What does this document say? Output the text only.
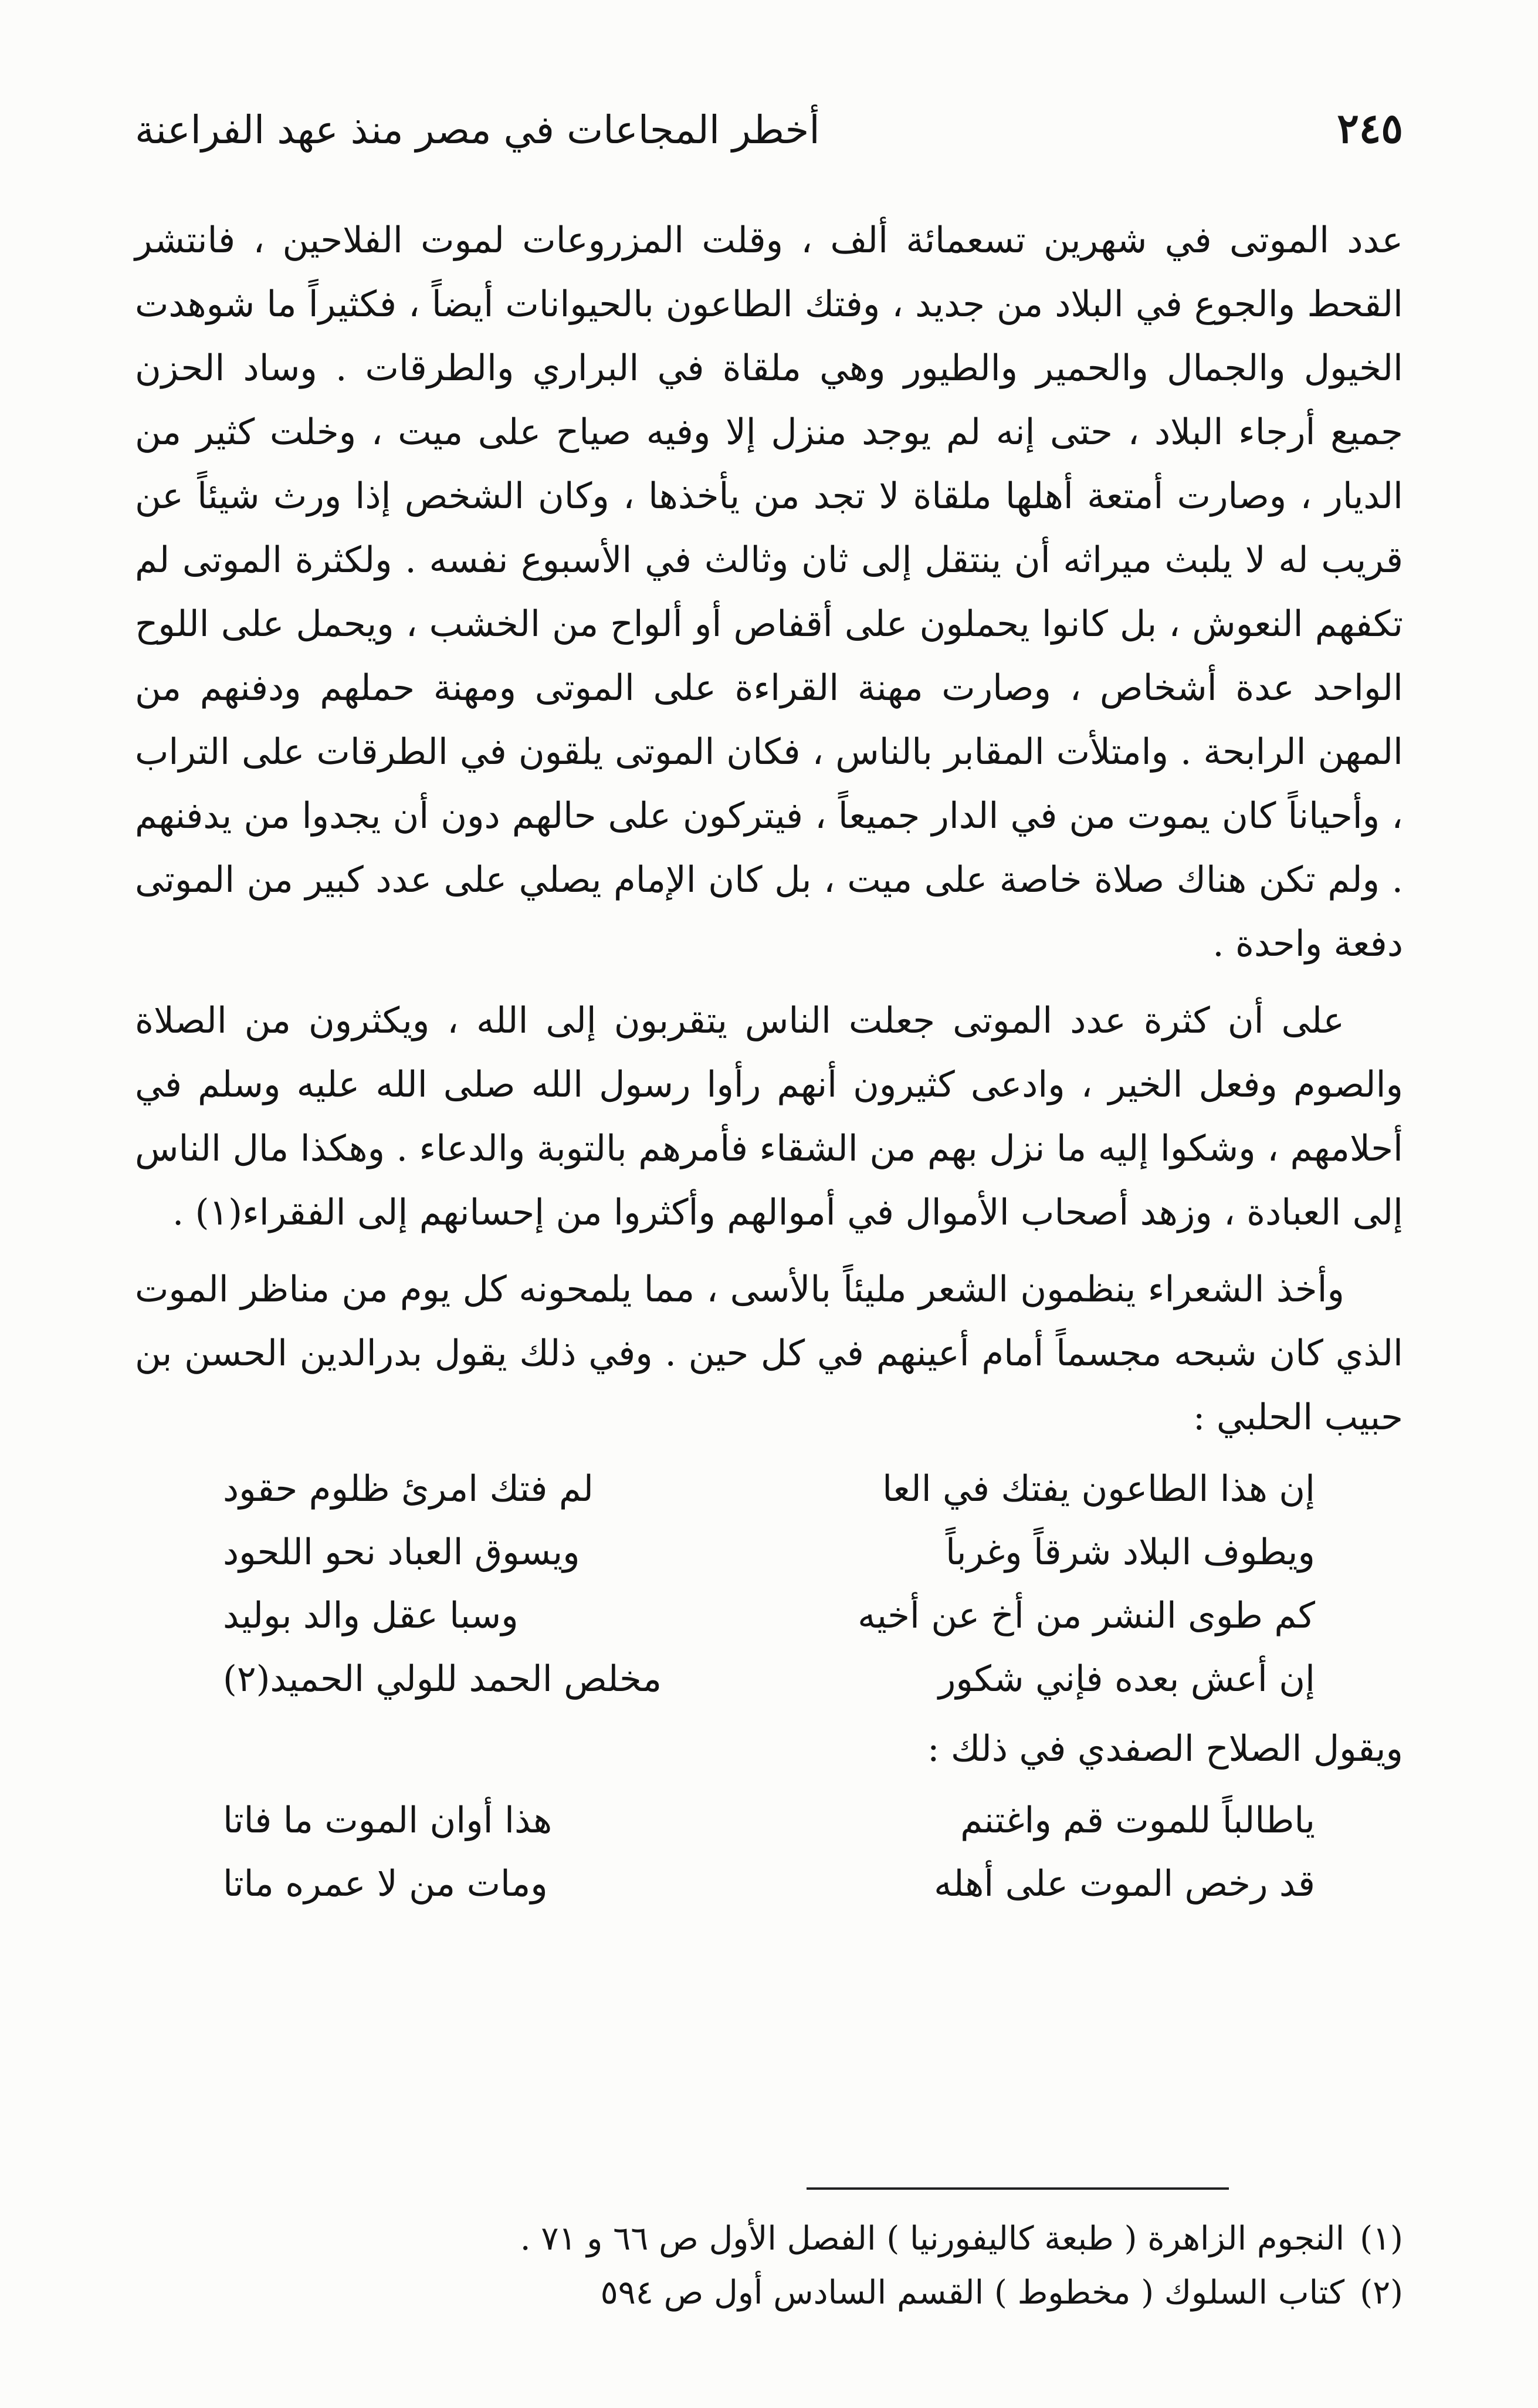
٢٤٥
أخطر المجاعات في مصر منذ عهد الفراعنة

عدد الموتى في شهرين تسعمائة ألف ، وقلت المزروعات لموت الفلاحين ، فانتشر القحط والجوع في البلاد من جديد ، وفتك الطاعون بالحيوانات أيضاً ، فكثيراً ما شوهدت الخيول والجمال والحمير والطيور وهي ملقاة في البراري والطرقات . وساد الحزن جميع أرجاء البلاد ، حتى إنه لم يوجد منزل إلا وفيه صياح على ميت ، وخلت كثير من الديار ، وصارت أمتعة أهلها ملقاة لا تجد من يأخذها ، وكان الشخص إذا ورث شيئاً عن قريب له لا يلبث ميراثه أن ينتقل إلى ثان وثالث في الأسبوع نفسه . ولكثرة الموتى لم تكفهم النعوش ، بل كانوا يحملون على أقفاص أو ألواح من الخشب ، ويحمل على اللوح الواحد عدة أشخاص ، وصارت مهنة القراءة على الموتى ومهنة حملهم ودفنهم من المهن الرابحة . وامتلأت المقابر بالناس ، فكان الموتى يلقون في الطرقات على التراب ، وأحياناً كان يموت من في الدار جميعاً ، فيتركون على حالهم دون أن يجدوا من يدفنهم . ولم تكن هناك صلاة خاصة على ميت ، بل كان الإمام يصلي على عدد كبير من الموتى دفعة واحدة .

على أن كثرة عدد الموتى جعلت الناس يتقربون إلى الله ، ويكثرون من الصلاة والصوم وفعل الخير ، وادعى كثيرون أنهم رأوا رسول الله صلى الله عليه وسلم في أحلامهم ، وشكوا إليه ما نزل بهم من الشقاء فأمرهم بالتوبة والدعاء . وهكذا مال الناس إلى العبادة ، وزهد أصحاب الأموال في أموالهم وأكثروا من إحسانهم إلى الفقراء(١) .

وأخذ الشعراء ينظمون الشعر مليئاً بالأسى ، مما يلمحونه كل يوم من مناظر الموت الذي كان شبحه مجسماً أمام أعينهم في كل حين . وفي ذلك يقول بدرالدين الحسن بن حبيب الحلبي :

إن هذا الطاعون يفتك في العا
لم فتك امرئ ظلوم حقود
ويطوف البلاد شرقاً وغرباً
ويسوق العباد نحو اللحود
كم طوى النشر من أخ عن أخيه
وسبا عقل والد بوليد
إن أعش بعده فإني شكور
مخلص الحمد للولي الحميد(٢)

ويقول الصلاح الصفدي في ذلك :

ياطالباً للموت قم واغتنم
هذا أوان الموت ما فاتا
قد رخص الموت على أهله
ومات من لا عمره ماتا
(١)
النجوم الزاهرة ( طبعة كاليفورنيا ) الفصل الأول ص ٦٦ و ٧١ .
(٢)
كتاب السلوك ( مخطوط ) القسم السادس أول ص ٥٩٤
